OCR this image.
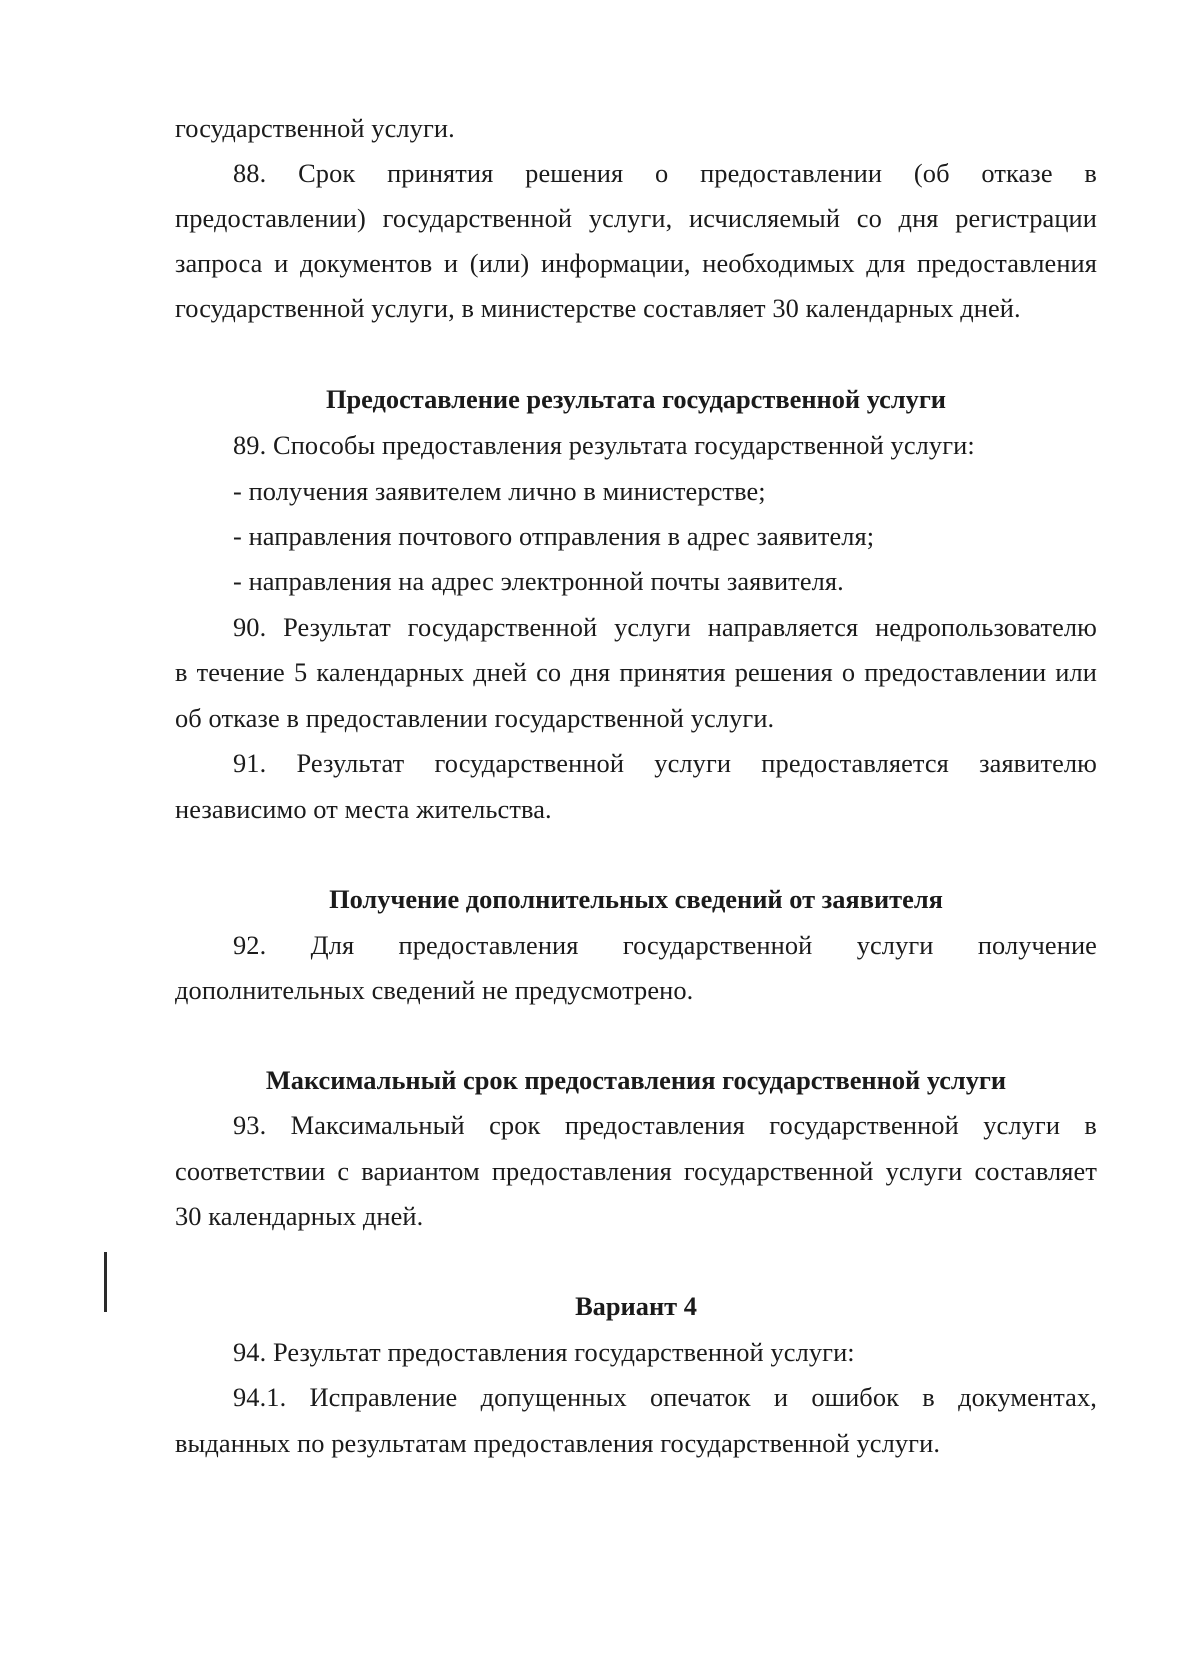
государственной услуги.
88. Срок принятия решения о предоставлении (об отказе в
предоставлении) государственной услуги, исчисляемый со дня регистрации
запроса и документов и (или) информации, необходимых для предоставления
государственной услуги, в министерстве составляет 30 календарных дней.
Предоставление результата государственной услуги
89. Способы предоставления результата государственной услуги:
- получения заявителем лично в министерстве;
- направления почтового отправления в адрес заявителя;
- направления на адрес электронной почты заявителя.
90. Результат государственной услуги направляется недропользователю
в течение 5 календарных дней со дня принятия решения о предоставлении или
об отказе в предоставлении государственной услуги.
91. Результат государственной услуги предоставляется заявителю
независимо от места жительства.
Получение дополнительных сведений от заявителя
92. Для предоставления государственной услуги получение
дополнительных сведений не предусмотрено.
Максимальный срок предоставления государственной услуги
93. Максимальный срок предоставления государственной услуги в
соответствии с вариантом предоставления государственной услуги составляет
30 календарных дней.
Вариант 4
94. Результат предоставления государственной услуги:
94.1. Исправление допущенных опечаток и ошибок в документах,
выданных по результатам предоставления государственной услуги.
